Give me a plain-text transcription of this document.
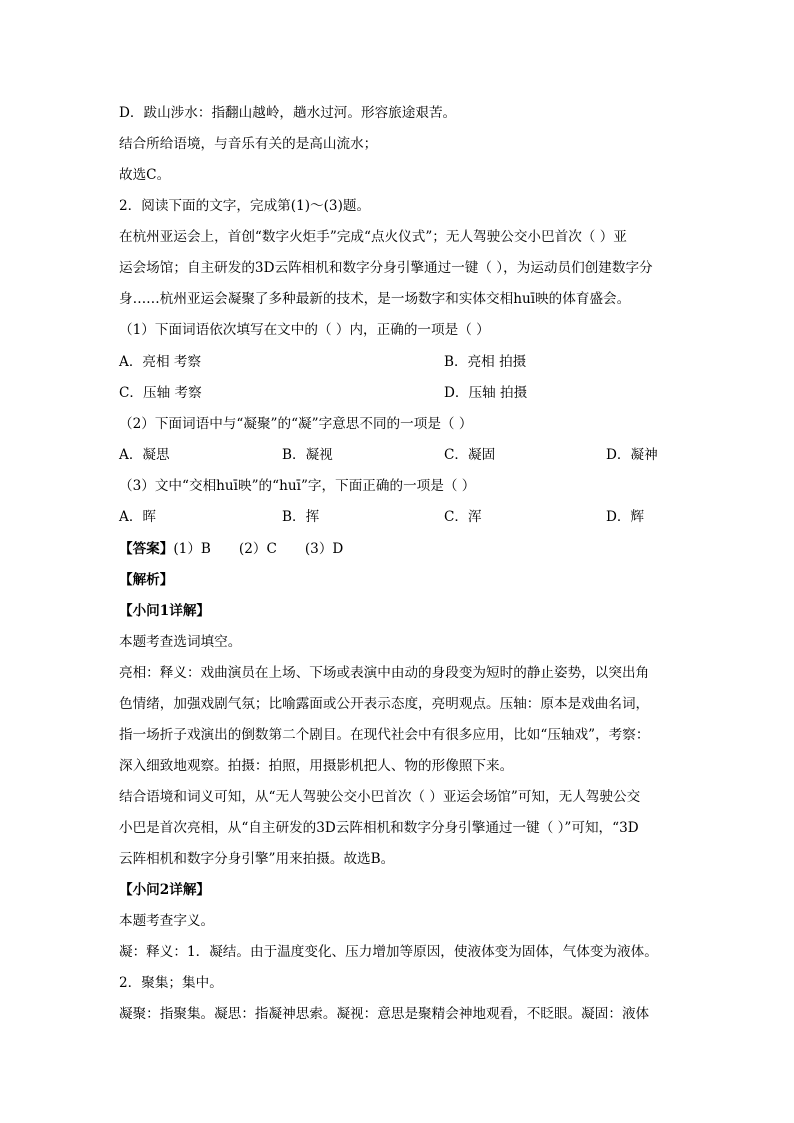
D．跋山涉水：指翻山越岭，趟水过河。形容旅途艰苦。
结合所给语境，与音乐有关的是高山流水；
故选C。
2．阅读下面的文字，完成第(1)～(3)题。
在杭州亚运会上，首创“数字火炬手”完成“点火仪式”；无人驾驶公交小巴首次（ ）亚
运会场馆；自主研发的3D云阵相机和数字分身引擎通过一键（ ），为运动员们创建数字分
身……杭州亚运会凝聚了多种最新的技术，是一场数字和实体交相huī映的体育盛会。
（1）下面词语依次填写在文中的（ ）内，正确的一项是（ ）
A．亮相 考察	B．亮相 拍摄
C．压轴 考察	D．压轴 拍摄
（2）下面词语中与“凝聚”的“凝”字意思不同的一项是（ ）
A．凝思	B．凝视	C．凝固	D．凝神
（3）文中“交相huī映”的“huī”字，下面正确的一项是（ ）
A．晖	B．挥	C．浑	D．辉
【答案】(1）B (2）C (3）D
【解析】
【小问1详解】
本题考查选词填空。
亮相：释义：戏曲演员在上场、下场或表演中由动的身段变为短时的静止姿势，以突出角
色情绪，加强戏剧气氛；比喻露面或公开表示态度，亮明观点。压轴：原本是戏曲名词，
指一场折子戏演出的倒数第二个剧目。在现代社会中有很多应用，比如“压轴戏”，考察：
深入细致地观察。拍摄：拍照，用摄影机把人、物的形像照下来。
结合语境和词义可知，从“无人驾驶公交小巴首次（ ）亚运会场馆”可知，无人驾驶公交
小巴是首次亮相，从“自主研发的3D云阵相机和数字分身引擎通过一键（ ）”可知，“3D
云阵相机和数字分身引擎”用来拍摄。故选B。
【小问2详解】
本题考查字义。
凝：释义：1．凝结。由于温度变化、压力增加等原因，使液体变为固体，气体变为液体。
2．聚集；集中。
凝聚：指聚集。凝思：指凝神思索。凝视：意思是聚精会神地观看，不眨眼。凝固：液体
